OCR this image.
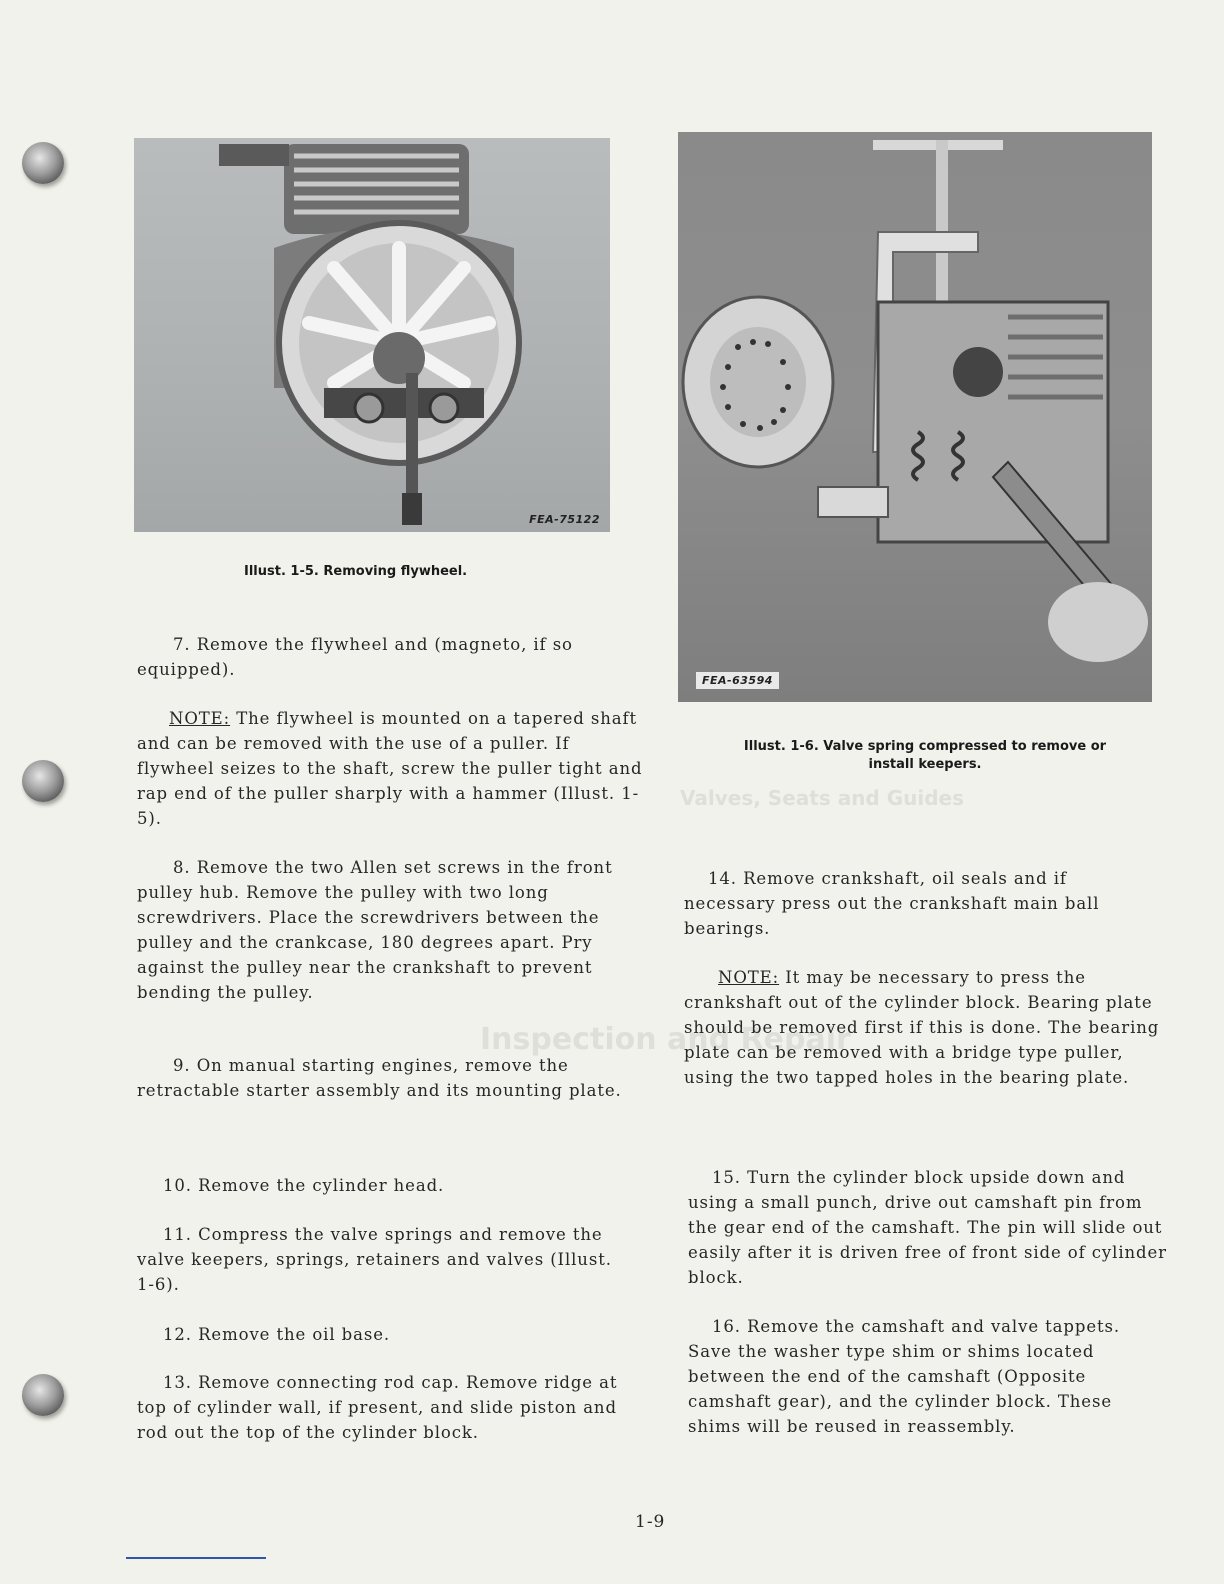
Inspection and Repair
Valves, Seats and Guides
FEA-75122
Illust. 1-5. Removing flywheel.
FEA-63594
Illust. 1-6. Valve spring compressed to remove or
install keepers.

7. Remove the flywheel and (magneto, if so equipped).

NOTE: The flywheel is mounted on a tapered shaft and can be removed with the use of a puller. If flywheel seizes to the shaft, screw the puller tight and rap end of the puller sharply with a hammer (Illust. 1-5).

8. Remove the two Allen set screws in the front pulley hub. Remove the pulley with two long screwdrivers. Place the screwdrivers between the pulley and the crankcase, 180 degrees apart. Pry against the pulley near the crankshaft to prevent bending the pulley.

9. On manual starting engines, remove the retractable starter assembly and its mounting plate.

10. Remove the cylinder head.

11. Compress the valve springs and remove the valve keepers, springs, retainers and valves (Illust. 1-6).

12. Remove the oil base.

13. Remove connecting rod cap. Remove ridge at top of cylinder wall, if present, and slide piston and rod out the top of the cylinder block.

14. Remove crankshaft, oil seals and if necessary press out the crankshaft main ball bearings.

NOTE: It may be necessary to press the crankshaft out of the cylinder block. Bearing plate should be removed first if this is done. The bearing plate can be removed with a bridge type puller, using the two tapped holes in the bearing plate.

15. Turn the cylinder block upside down and using a small punch, drive out camshaft pin from the gear end of the camshaft. The pin will slide out easily after it is driven free of front side of cylinder block.

16. Remove the camshaft and valve tappets. Save the washer type shim or shims located between the end of the camshaft (Opposite camshaft gear), and the cylinder block. These shims will be reused in reassembly.

1-9
